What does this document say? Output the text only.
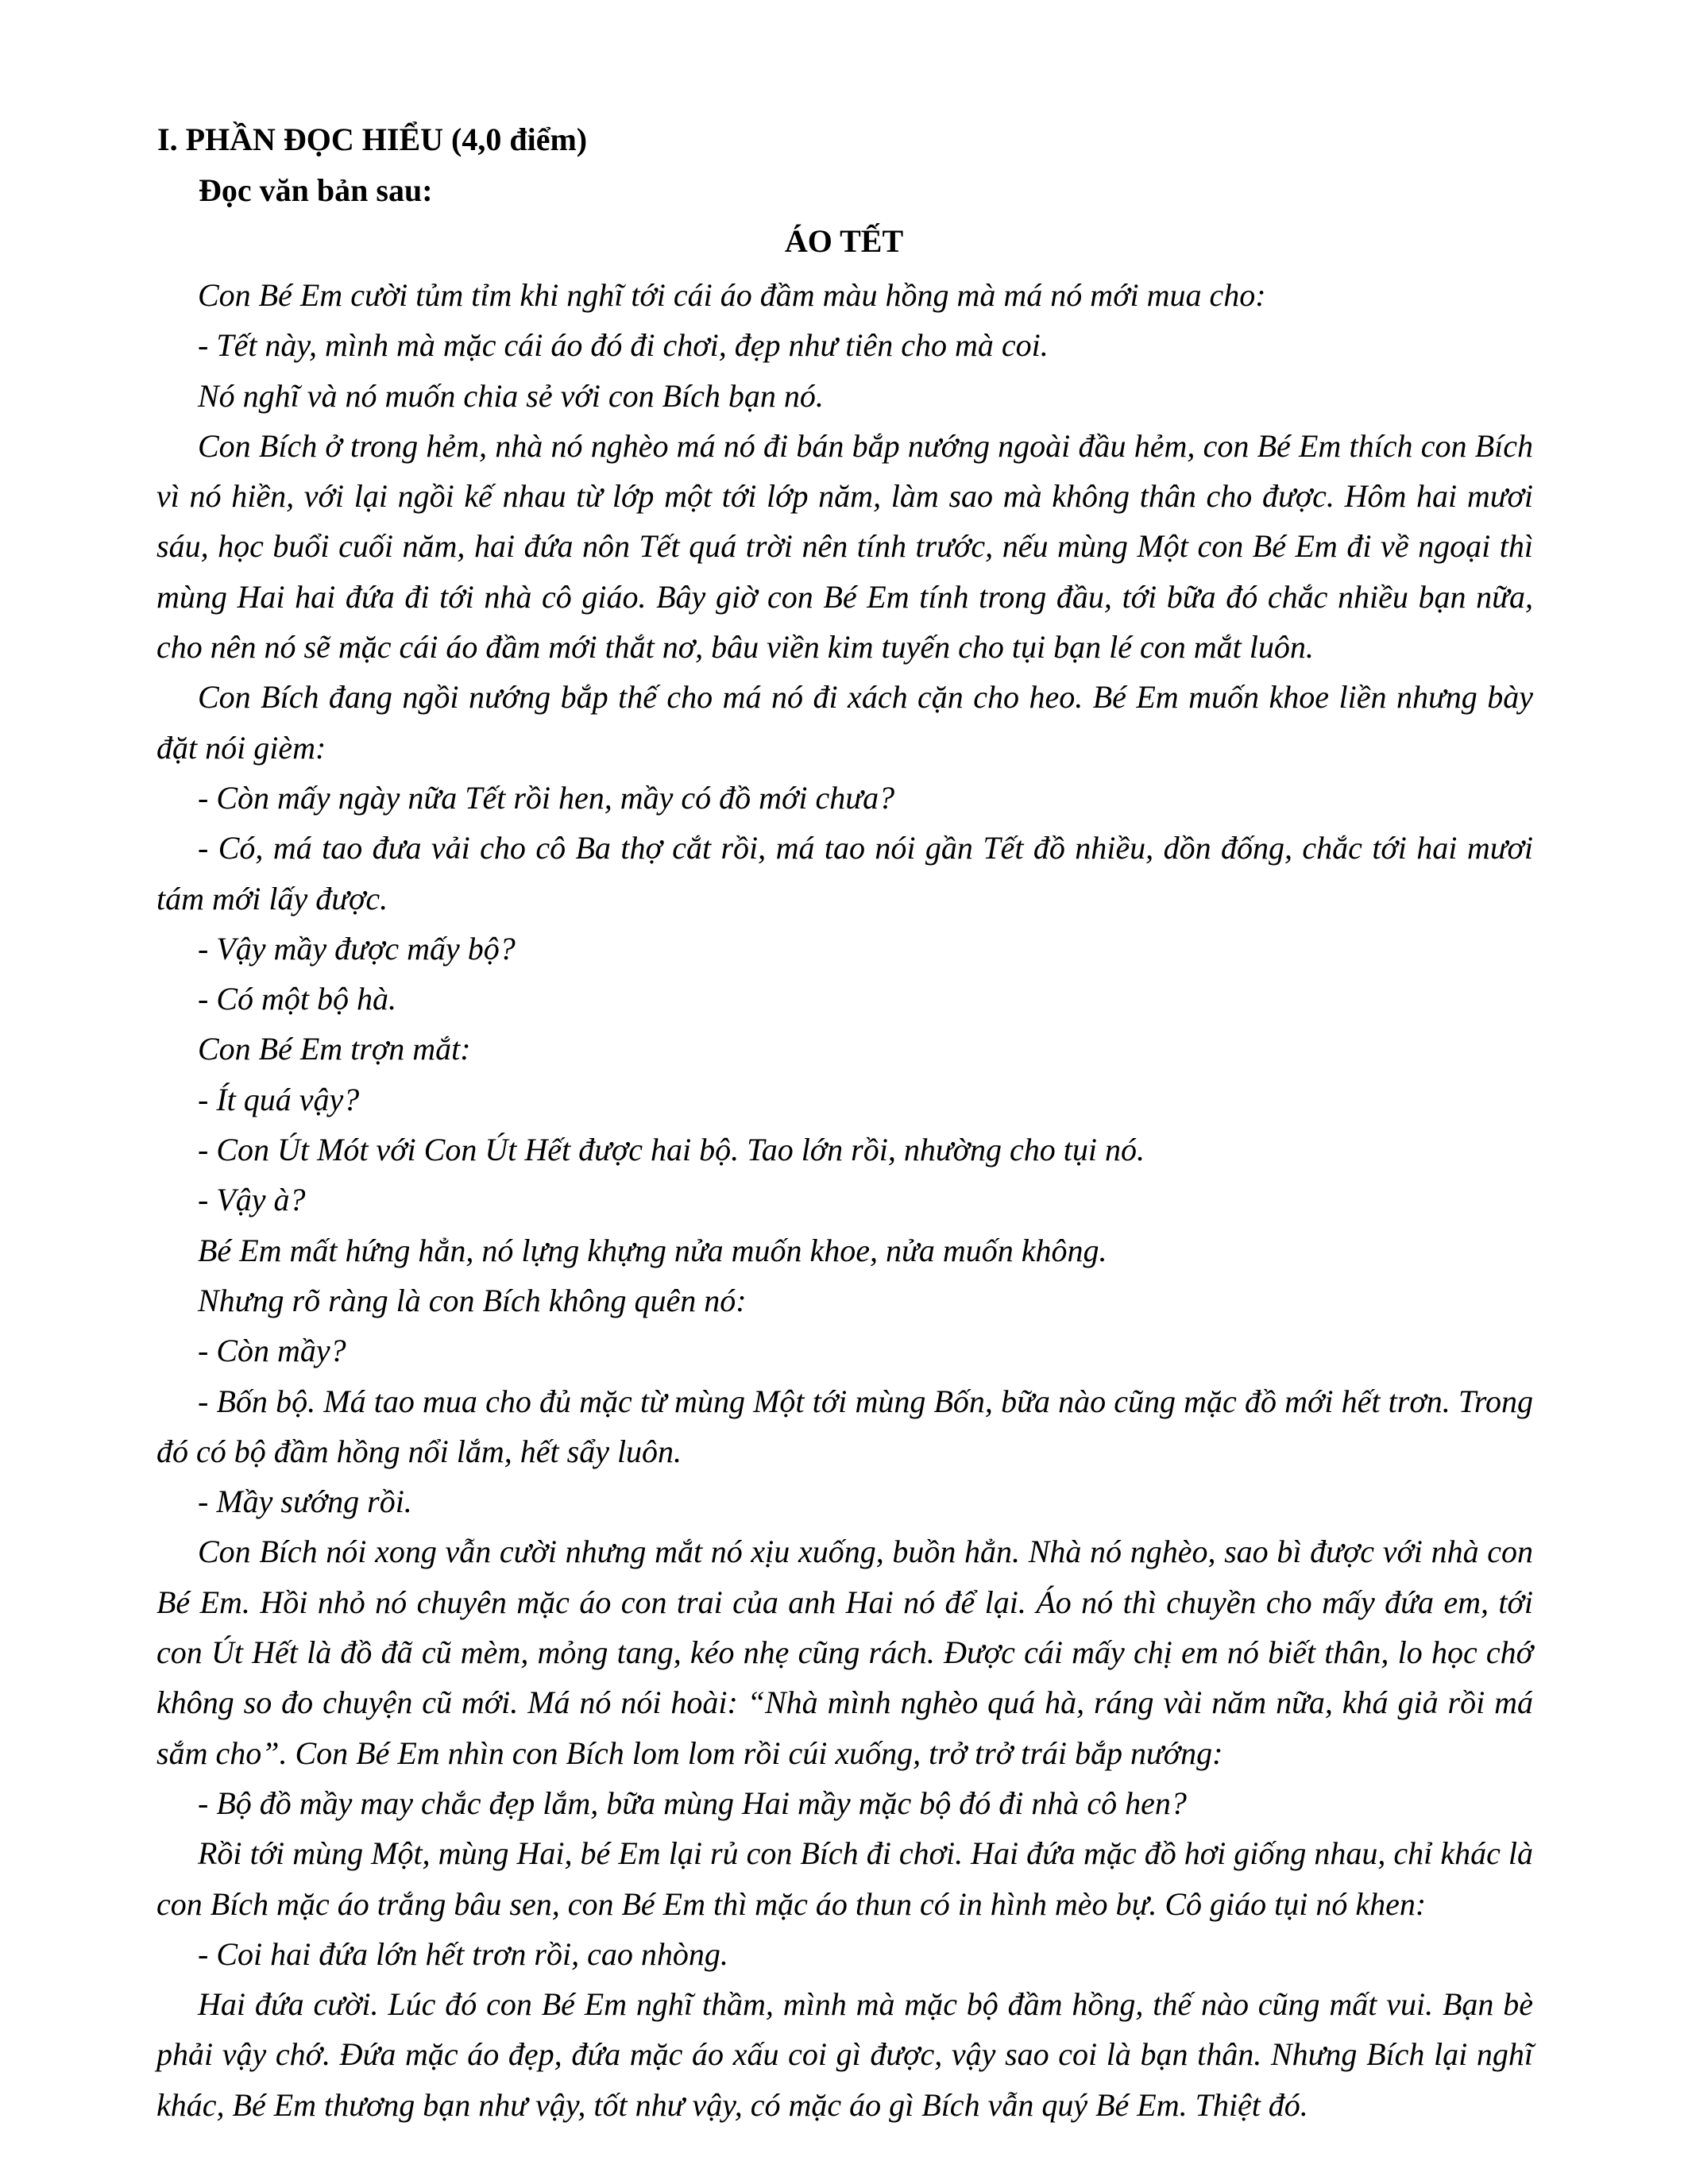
I. PHẦN ĐỌC HIỂU (4,0 điểm)
Đọc văn bản sau:
ÁO TẾT

Con Bé Em cười tủm tỉm khi nghĩ tới cái áo đầm màu hồng mà má nó mới mua cho:

- Tết này, mình mà mặc cái áo đó đi chơi, đẹp như tiên cho mà coi.

Nó nghĩ và nó muốn chia sẻ với con Bích bạn nó.

Con Bích ở trong hẻm, nhà nó nghèo má nó đi bán bắp nướng ngoài đầu hẻm, con Bé Em thích con Bích vì nó hiền, với lại ngồi kế nhau từ lớp một tới lớp năm, làm sao mà không thân cho được. Hôm hai mươi sáu, học buổi cuối năm, hai đứa nôn Tết quá trời nên tính trước, nếu mùng Một con Bé Em đi về ngoại thì mùng Hai hai đứa đi tới nhà cô giáo. Bây giờ con Bé Em tính trong đầu, tới bữa đó chắc nhiều bạn nữa, cho nên nó sẽ mặc cái áo đầm mới thắt nơ, bâu viền kim tuyến cho tụi bạn lé con mắt luôn.

Con Bích đang ngồi nướng bắp thế cho má nó đi xách cặn cho heo. Bé Em muốn khoe liền nhưng bày đặt nói gièm:

- Còn mấy ngày nữa Tết rồi hen, mầy có đồ mới chưa?

- Có, má tao đưa vải cho cô Ba thợ cắt rồi, má tao nói gần Tết đồ nhiều, dồn đống, chắc tới hai mươi tám mới lấy được.

- Vậy mầy được mấy bộ?

- Có một bộ hà.

Con Bé Em trợn mắt:

- Ít quá vậy?

- Con Út Mót với Con Út Hết được hai bộ. Tao lớn rồi, nhường cho tụi nó.

- Vậy à?

Bé Em mất hứng hẳn, nó lựng khựng nửa muốn khoe, nửa muốn không.

Nhưng rõ ràng là con Bích không quên nó:

- Còn mầy?

- Bốn bộ. Má tao mua cho đủ mặc từ mùng Một tới mùng Bốn, bữa nào cũng mặc đồ mới hết trơn. Trong đó có bộ đầm hồng nổi lắm, hết sẩy luôn.

- Mầy sướng rồi.

Con Bích nói xong vẫn cười nhưng mắt nó xịu xuống, buồn hẳn. Nhà nó nghèo, sao bì được với nhà con Bé Em. Hồi nhỏ nó chuyên mặc áo con trai của anh Hai nó để lại. Áo nó thì chuyền cho mấy đứa em, tới con Út Hết là đồ đã cũ mèm, mỏng tang, kéo nhẹ cũng rách. Được cái mấy chị em nó biết thân, lo học chớ không so đo chuyện cũ mới. Má nó nói hoài: “Nhà mình nghèo quá hà, ráng vài năm nữa, khá giả rồi má sắm cho”. Con Bé Em nhìn con Bích lom lom rồi cúi xuống, trở trở trái bắp nướng:

- Bộ đồ mầy may chắc đẹp lắm, bữa mùng Hai mầy mặc bộ đó đi nhà cô hen?

Rồi tới mùng Một, mùng Hai, bé Em lại rủ con Bích đi chơi. Hai đứa mặc đồ hơi giống nhau, chỉ khác là con Bích mặc áo trắng bâu sen, con Bé Em thì mặc áo thun có in hình mèo bự. Cô giáo tụi nó khen:

- Coi hai đứa lớn hết trơn rồi, cao nhòng.

Hai đứa cười. Lúc đó con Bé Em nghĩ thầm, mình mà mặc bộ đầm hồng, thế nào cũng mất vui. Bạn bè phải vậy chớ. Đứa mặc áo đẹp, đứa mặc áo xấu coi gì được, vậy sao coi là bạn thân. Nhưng Bích lại nghĩ khác, Bé Em thương bạn như vậy, tốt như vậy, có mặc áo gì Bích vẫn quý Bé Em. Thiệt đó.
